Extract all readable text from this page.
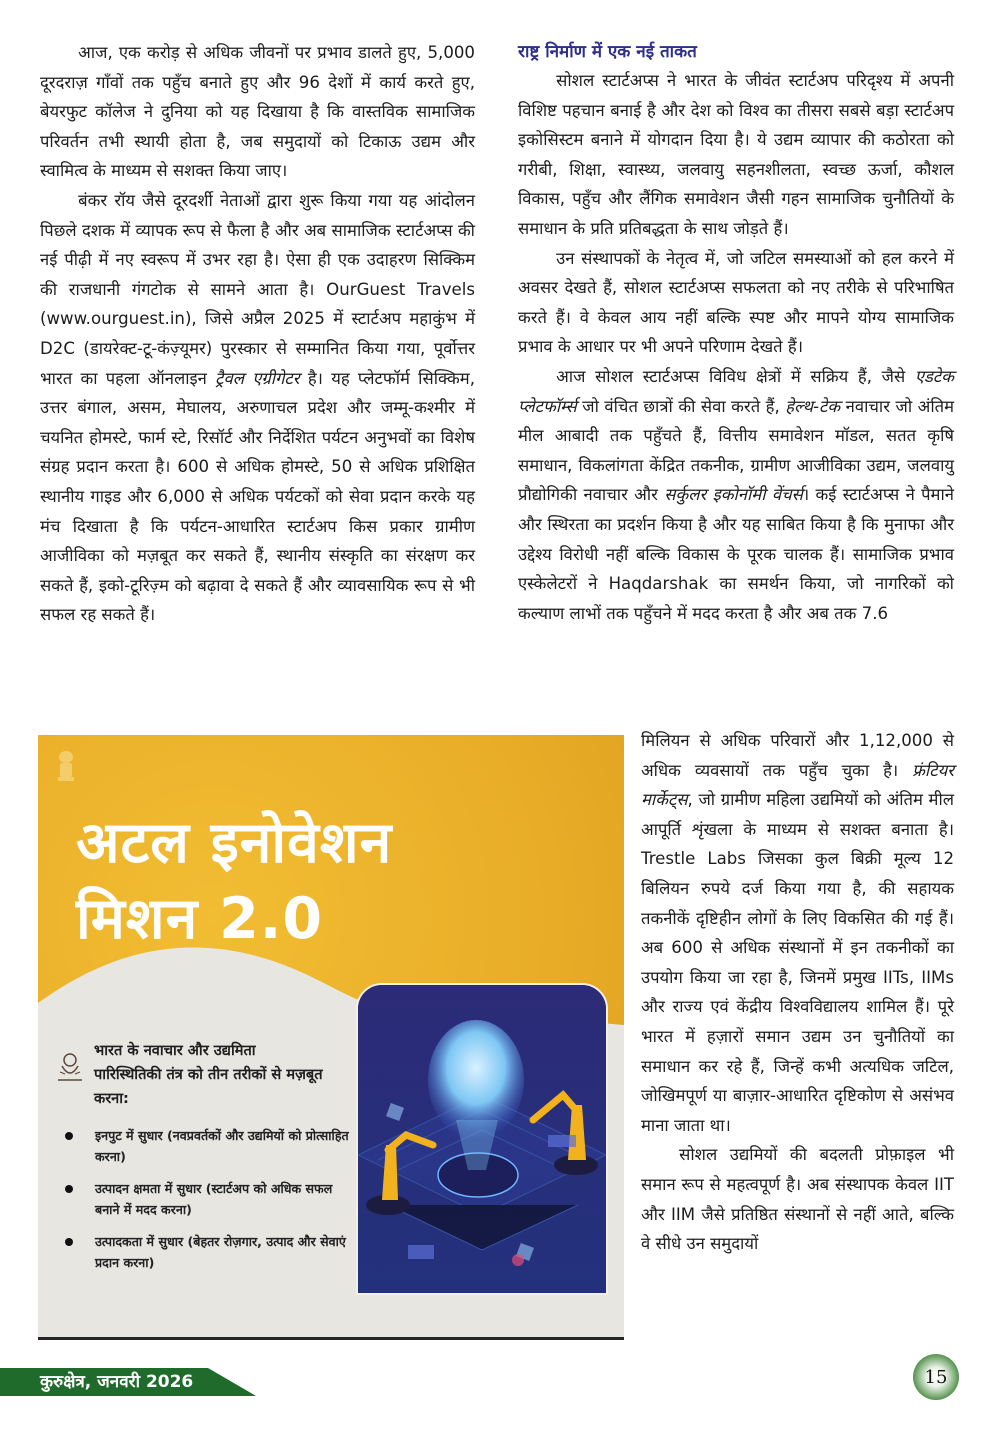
आज, एक करोड़ से अधिक जीवनों पर प्रभाव डालते हुए, 5,000 दूरदराज़ गाँवों तक पहुँच बनाते हुए और 96 देशों में कार्य करते हुए, बेयरफुट कॉलेज ने दुनिया को यह दिखाया है कि वास्तविक सामाजिक परिवर्तन तभी स्थायी होता है, जब समुदायों को टिकाऊ उद्यम और स्वामित्व के माध्यम से सशक्त किया जाए।

बंकर रॉय जैसे दूरदर्शी नेताओं द्वारा शुरू किया गया यह आंदोलन पिछले दशक में व्यापक रूप से फैला है और अब सामाजिक स्टार्टअप्स की नई पीढ़ी में नए स्वरूप में उभर रहा है। ऐसा ही एक उदाहरण सिक्किम की राजधानी गंगटोक से सामने आता है। OurGuest Travels (www.ourguest.in), जिसे अप्रैल 2025 में स्टार्टअप महाकुंभ में D2C (डायरेक्ट-टू-कंज़्यूमर) पुरस्कार से सम्मानित किया गया, पूर्वोत्तर भारत का पहला ऑनलाइन ट्रैवल एग्रीगेटर है। यह प्लेटफॉर्म सिक्किम, उत्तर बंगाल, असम, मेघालय, अरुणाचल प्रदेश और जम्मू-कश्मीर में चयनित होमस्टे, फार्म स्टे, रिसॉर्ट और निर्देशित पर्यटन अनुभवों का विशेष संग्रह प्रदान करता है। 600 से अधिक होमस्टे, 50 से अधिक प्रशिक्षित स्थानीय गाइड और 6,000 से अधिक पर्यटकों को सेवा प्रदान करके यह मंच दिखाता है कि पर्यटन-आधारित स्टार्टअप किस प्रकार ग्रामीण आजीविका को मज़बूत कर सकते हैं, स्थानीय संस्कृति का संरक्षण कर सकते हैं, इको-टूरिज़्म को बढ़ावा दे सकते हैं और व्यावसायिक रूप से भी सफल रह सकते हैं।

राष्ट्र निर्माण में एक नई ताकत

सोशल स्टार्टअप्स ने भारत के जीवंत स्टार्टअप परिदृश्य में अपनी विशिष्ट पहचान बनाई है और देश को विश्व का तीसरा सबसे बड़ा स्टार्टअप इकोसिस्टम बनाने में योगदान दिया है। ये उद्यम व्यापार की कठोरता को गरीबी, शिक्षा, स्वास्थ्य, जलवायु सहनशीलता, स्वच्छ ऊर्जा, कौशल विकास, पहुँच और लैंगिक समावेशन जैसी गहन सामाजिक चुनौतियों के समाधान के प्रति प्रतिबद्धता के साथ जोड़ते हैं।

उन संस्थापकों के नेतृत्व में, जो जटिल समस्याओं को हल करने में अवसर देखते हैं, सोशल स्टार्टअप्स सफलता को नए तरीके से परिभाषित करते हैं। वे केवल आय नहीं बल्कि स्पष्ट और मापने योग्य सामाजिक प्रभाव के आधार पर भी अपने परिणाम देखते हैं।

आज सोशल स्टार्टअप्स विविध क्षेत्रों में सक्रिय हैं, जैसे एडटेक प्लेटफॉर्म्स जो वंचित छात्रों की सेवा करते हैं, हेल्थ-टेक नवाचार जो अंतिम मील आबादी तक पहुँचते हैं, वित्तीय समावेशन मॉडल, सतत कृषि समाधान, विकलांगता केंद्रित तकनीक, ग्रामीण आजीविका उद्यम, जलवायु प्रौद्योगिकी नवाचार और सर्कुलर इकोनॉमी वेंचर्स। कई स्टार्टअप्स ने पैमाने और स्थिरता का प्रदर्शन किया है और यह साबित किया है कि मुनाफा और उद्देश्य विरोधी नहीं बल्कि विकास के पूरक चालक हैं। सामाजिक प्रभाव एस्केलेटरों ने Haqdarshak का समर्थन किया, जो नागरिकों को कल्याण लाभों तक पहुँचने में मदद करता है और अब तक 7.6

मिलियन से अधिक परिवारों और 1,12,000 से अधिक व्यवसायों तक पहुँच चुका है। फ्रंटियर मार्केट्स, जो ग्रामीण महिला उद्यमियों को अंतिम मील आपूर्ति शृंखला के माध्यम से सशक्त बनाता है। Trestle Labs जिसका कुल बिक्री मूल्य 12 बिलियन रुपये दर्ज किया गया है, की सहायक तकनीकें दृष्टिहीन लोगों के लिए विकसित की गई हैं। अब 600 से अधिक संस्थानों में इन तकनीकों का उपयोग किया जा रहा है, जिनमें प्रमुख IITs, IIMs और राज्य एवं केंद्रीय विश्वविद्यालय शामिल हैं। पूरे भारत में हज़ारों समान उद्यम उन चुनौतियों का समाधान कर रहे हैं, जिन्हें कभी अत्यधिक जटिल, जोखिमपूर्ण या बाज़ार-आधारित दृष्टिकोण से असंभव माना जाता था।

सोशल उद्यमियों की बदलती प्रोफ़ाइल भी समान रूप से महत्वपूर्ण है। अब संस्थापक केवल IIT और IIM जैसे प्रतिष्ठित संस्थानों से नहीं आते, बल्कि वे सीधे उन समुदायों

अटल इनोवेशन
मिशन 2.0
भारत के नवाचार और उद्यमिता पारिस्थितिकी तंत्र को तीन तरीकों से मज़बूत करना:
इनपुट में सुधार (नवप्रवर्तकों और उद्यमियों को प्रोत्साहित करना)
उत्पादन क्षमता में सुधार (स्टार्टअप को अधिक सफल बनाने में मदद करना)
उत्पादकता में सुधार (बेहतर रोज़गार, उत्पाद और सेवाएं प्रदान करना)
कुरुक्षेत्र, जनवरी 2026	15
